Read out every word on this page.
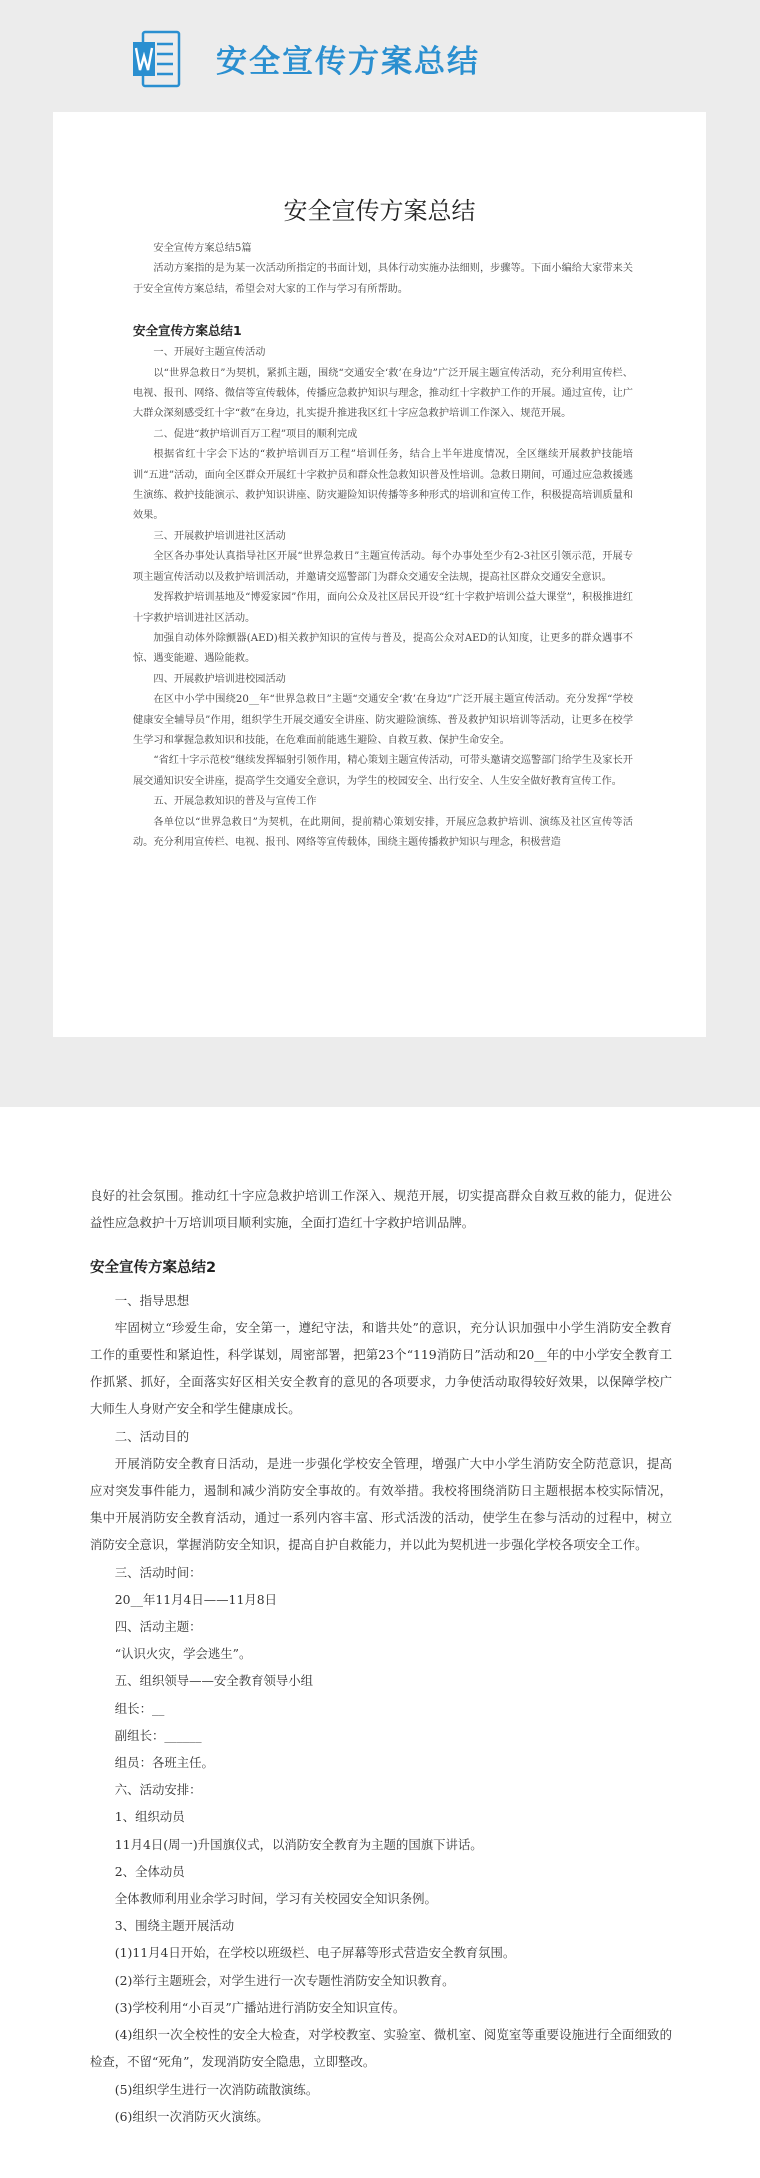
安全宣传方案总结
安全宣传方案总结

安全宣传方案总结5篇

活动方案指的是为某一次活动所指定的书面计划，具体行动实施办法细则，步骤等。下面小编给大家带来关于安全宣传方案总结，希望会对大家的工作与学习有所帮助。

安全宣传方案总结1

一、开展好主题宣传活动

以“世界急救日”为契机，紧抓主题，围绕“交通安全‘救’在身边”广泛开展主题宣传活动，充分利用宣传栏、电视、报刊、网络、微信等宣传载体，传播应急救护知识与理念，推动红十字救护工作的开展。通过宣传，让广大群众深刻感受红十字“救”在身边，扎实提升推进我区红十字应急救护培训工作深入、规范开展。

二、促进“救护培训百万工程”项目的顺利完成

根据省红十字会下达的“救护培训百万工程”培训任务，结合上半年进度情况，全区继续开展救护技能培训“五进”活动，面向全区群众开展红十字救护员和群众性急救知识普及性培训。急救日期间，可通过应急救援逃生演练、救护技能演示、救护知识讲座、防灾避险知识传播等多种形式的培训和宣传工作，积极提高培训质量和效果。

三、开展救护培训进社区活动

全区各办事处认真指导社区开展“世界急救日”主题宣传活动。每个办事处至少有2-3社区引领示范，开展专项主题宣传活动以及救护培训活动，并邀请交巡警部门为群众交通安全法规，提高社区群众交通安全意识。

发挥救护培训基地及“博爱家园”作用，面向公众及社区居民开设“红十字救护培训公益大课堂”，积极推进红十字救护培训进社区活动。

加强自动体外除颤器(AED)相关救护知识的宣传与普及，提高公众对AED的认知度，让更多的群众遇事不惊、遇变能避、遇险能救。

四、开展救护培训进校园活动

在区中小学中围绕20__年“世界急救日”主题“交通安全‘救’在身边”广泛开展主题宣传活动。充分发挥“学校健康安全辅导员”作用，组织学生开展交通安全讲座、防灾避险演练、普及救护知识培训等活动，让更多在校学生学习和掌握急救知识和技能，在危难面前能逃生避险、自救互救、保护生命安全。

“省红十字示范校”继续发挥辐射引领作用，精心策划主题宣传活动，可带头邀请交巡警部门给学生及家长开展交通知识安全讲座，提高学生交通安全意识，为学生的校园安全、出行安全、人生安全做好教育宣传工作。

五、开展急救知识的普及与宣传工作

各单位以“世界急救日”为契机，在此期间，提前精心策划安排，开展应急救护培训、演练及社区宣传等活动。充分利用宣传栏、电视、报刊、网络等宣传载体，围绕主题传播救护知识与理念，积极营造

良好的社会氛围。推动红十字应急救护培训工作深入、规范开展，切实提高群众自救互救的能力，促进公益性应急救护十万培训项目顺利实施，全面打造红十字救护培训品牌。

安全宣传方案总结2

一、指导思想

牢固树立“珍爱生命，安全第一，遵纪守法，和谐共处”的意识，充分认识加强中小学生消防安全教育工作的重要性和紧迫性，科学谋划，周密部署，把第23个“119消防日”活动和20__年的中小学安全教育工作抓紧、抓好，全面落实好区相关安全教育的意见的各项要求，力争使活动取得较好效果，以保障学校广大师生人身财产安全和学生健康成长。

二、活动目的

开展消防安全教育日活动，是进一步强化学校安全管理，增强广大中小学生消防安全防范意识，提高应对突发事件能力，遏制和减少消防安全事故的。有效举措。我校将围绕消防日主题根据本校实际情况，集中开展消防安全教育活动，通过一系列内容丰富、形式活泼的活动，使学生在参与活动的过程中，树立消防安全意识，掌握消防安全知识，提高自护自救能力，并以此为契机进一步强化学校各项安全工作。

三、活动时间：

20__年11月4日——11月8日

四、活动主题：

“认识火灾，学会逃生”。

五、组织领导——安全教育领导小组

组长：__

副组长：______

组员：各班主任。

六、活动安排：

1、组织动员

11月4日(周一)升国旗仪式，以消防安全教育为主题的国旗下讲话。

2、全体动员

全体教师利用业余学习时间，学习有关校园安全知识条例。

3、围绕主题开展活动

(1)11月4日开始，在学校以班级栏、电子屏幕等形式营造安全教育氛围。

(2)举行主题班会，对学生进行一次专题性消防安全知识教育。

(3)学校利用“小百灵”广播站进行消防安全知识宣传。

(4)组织一次全校性的安全大检查，对学校教室、实验室、微机室、阅览室等重要设施进行全面细致的检查，不留“死角”，发现消防安全隐患，立即整改。

(5)组织学生进行一次消防疏散演练。

(6)组织一次消防灭火演练。
